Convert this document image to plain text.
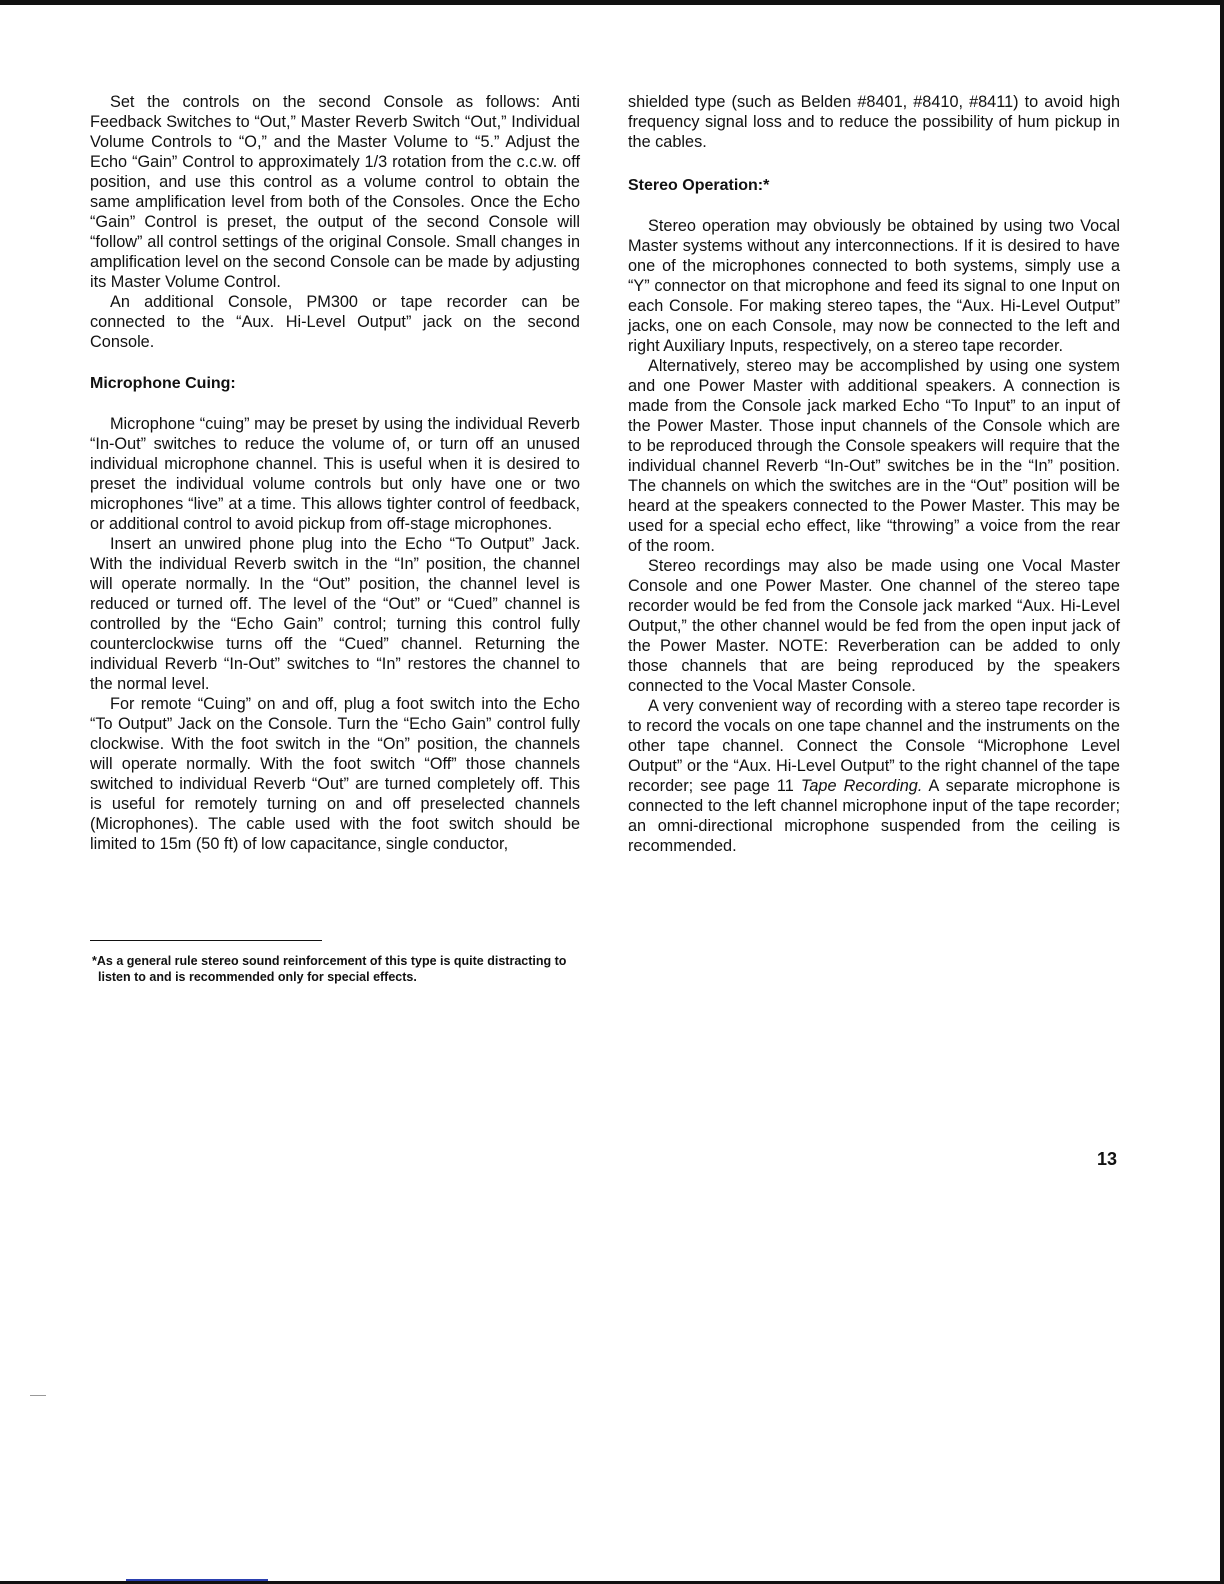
Set the controls on the second Console as follows: Anti Feedback Switches to “Out,” Master Reverb Switch “Out,” Individual Volume Controls to “O,” and the Master Volume to “5.” Adjust the Echo “Gain” Control to approximately 1/3 rotation from the c.c.w. off position, and use this control as a volume control to obtain the same amplification level from both of the Consoles. Once the Echo “Gain” Control is preset, the output of the second Console will “follow” all control settings of the original Console. Small changes in amplification level on the second Console can be made by adjusting its Master Volume Control.

An additional Console, PM300 or tape recorder can be connected to the “Aux. Hi-Level Output” jack on the second Console.

Microphone Cuing:

Microphone “cuing” may be preset by using the individual Reverb “In-Out” switches to reduce the volume of, or turn off an unused individual microphone channel. This is useful when it is desired to preset the individual volume controls but only have one or two microphones “live” at a time. This allows tighter control of feedback, or additional control to avoid pickup from off-stage microphones.

Insert an unwired phone plug into the Echo “To Output” Jack. With the individual Reverb switch in the “In” position, the channel will operate normally. In the “Out” position, the channel level is reduced or turned off. The level of the “Out” or “Cued” channel is controlled by the “Echo Gain” control; turning this control fully counterclockwise turns off the “Cued” channel. Returning the individual Reverb “In-Out” switches to “In” restores the channel to the normal level.

For remote “Cuing” on and off, plug a foot switch into the Echo “To Output” Jack on the Console. Turn the “Echo Gain” control fully clockwise. With the foot switch in the “On” position, the channels will operate normally. With the foot switch “Off” those channels switched to individual Reverb “Out” are turned completely off. This is useful for remotely turning on and off preselected channels (Microphones). The cable used with the foot switch should be limited to 15m (50 ft) of low capacitance, single conductor,

shielded type (such as Belden #8401, #8410, #8411) to avoid high frequency signal loss and to reduce the possibility of hum pickup in the cables.

Stereo Operation:*

Stereo operation may obviously be obtained by using two Vocal Master systems without any interconnections. If it is desired to have one of the microphones connected to both systems, simply use a “Y” connector on that microphone and feed its signal to one Input on each Console. For making stereo tapes, the “Aux. Hi-Level Output” jacks, one on each Console, may now be connected to the left and right Auxiliary Inputs, respectively, on a stereo tape recorder.

Alternatively, stereo may be accomplished by using one system and one Power Master with additional speakers. A connection is made from the Console jack marked Echo “To Input” to an input of the Power Master. Those input channels of the Console which are to be reproduced through the Console speakers will require that the individual channel Reverb “In-Out” switches be in the “In” position. The channels on which the switches are in the “Out” position will be heard at the speakers connected to the Power Master. This may be used for a special echo effect, like “throwing” a voice from the rear of the room.

Stereo recordings may also be made using one Vocal Master Console and one Power Master. One channel of the stereo tape recorder would be fed from the Console jack marked “Aux. Hi-Level Output,” the other channel would be fed from the open input jack of the Power Master. NOTE: Reverberation can be added to only those channels that are being reproduced by the speakers connected to the Vocal Master Console.

A very convenient way of recording with a stereo tape recorder is to record the vocals on one tape channel and the instruments on the other tape channel. Connect the Console “Microphone Level Output” or the “Aux. Hi-Level Output” to the right channel of the tape recorder; see page 11 Tape Recording. A separate microphone is connected to the left channel microphone input of the tape recorder; an omni-directional microphone suspended from the ceiling is recommended.

*As a general rule stereo sound reinforcement of this type is quite distracting to listen to and is recommended only for special effects.
13
